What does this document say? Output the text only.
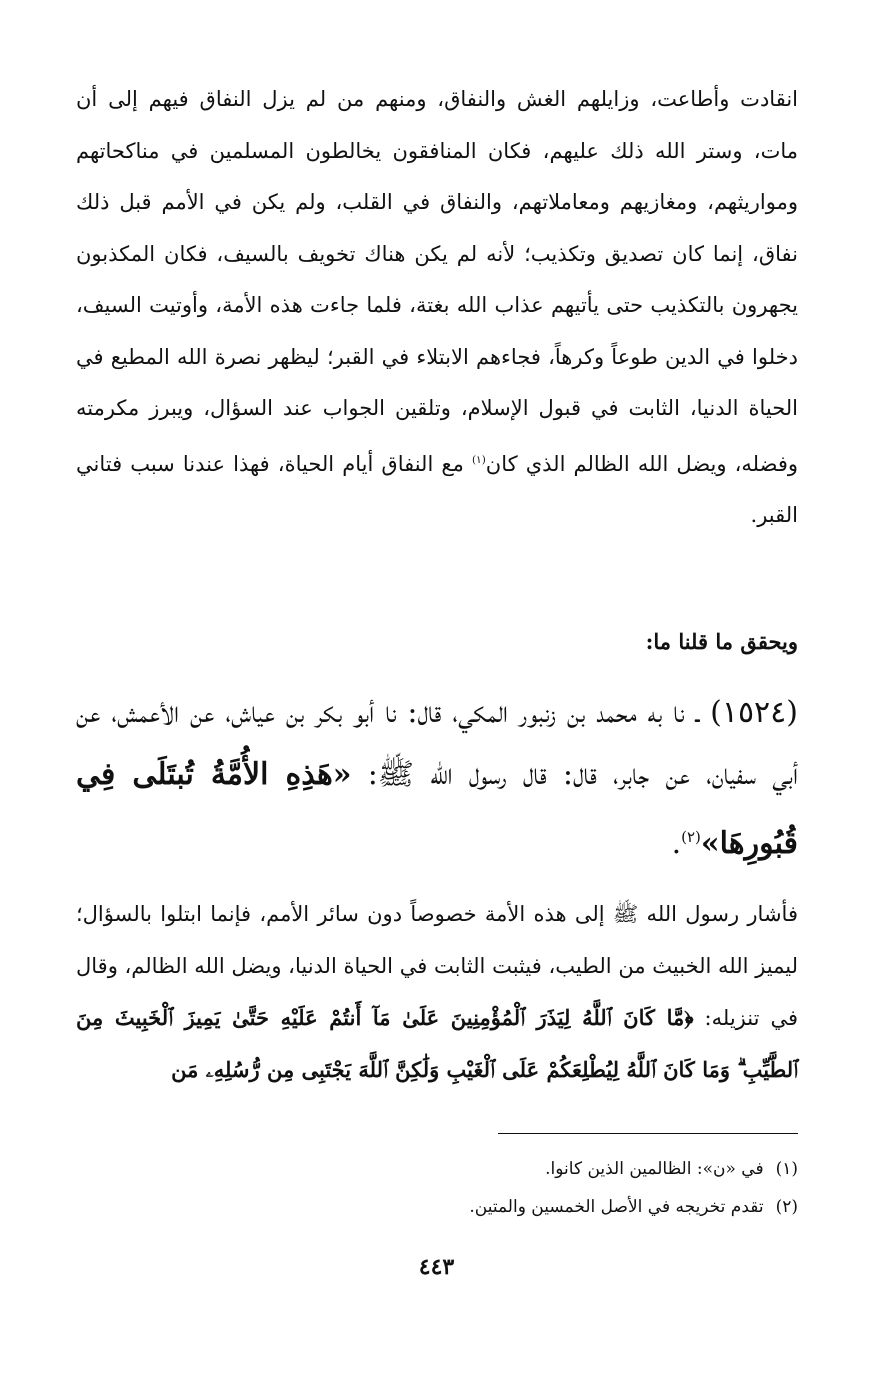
انقادت وأطاعت، وزايلهم الغش والنفاق، ومنهم من لم يزل النفاق فيهم إلى أن مات، وستر الله ذلك عليهم، فكان المنافقون يخالطون المسلمين في مناكحاتهم ومواريثهم، ومغازيهم ومعاملاتهم، والنفاق في القلب، ولم يكن في الأمم قبل ذلك نفاق، إنما كان تصديق وتكذيب؛ لأنه لم يكن هناك تخويف بالسيف، فكان المكذبون يجهرون بالتكذيب حتى يأتيهم عذاب الله بغتة، فلما جاءت هذه الأمة، وأوتيت السيف، دخلوا في الدين طوعاً وكرهاً، فجاءهم الابتلاء في القبر؛ ليظهر نصرة الله المطيع في الحياة الدنيا، الثابت في قبول الإسلام، وتلقين الجواب عند السؤال، ويبرز مكرمته وفضله، ويضل الله الظالم الذي كان$^{(١)}$ مع النفاق أيام الحياة، فهذا عندنا سبب فتاني القبر.

ويحقق ما قلنا ما:

(١٥٢٤) ـ نا به محمد بن زنبور المكي، قال: نا أبو بكر بن عياش، عن الأعمش، عن أبي سفيان، عن جابر، قال: قال رسول الله ﷺ: «هَذِهِ الأُمَّةُ تُبتَلَى فِي قُبُورِهَا»$^{(٢)}$.

فأشار رسول الله ﷺ إلى هذه الأمة خصوصاً دون سائر الأمم، فإنما ابتلوا بالسؤال؛ ليميز الله الخبيث من الطيب، فيثبت الثابت في الحياة الدنيا، ويضل الله الظالم، وقال في تنزيله: ﴿مَّا كَانَ ٱللَّهُ لِيَذَرَ ٱلْمُؤْمِنِينَ عَلَىٰ مَآ أَنتُمْ عَلَيْهِ حَتَّىٰ يَمِيزَ ٱلْخَبِيثَ مِنَ ٱلطَّيِّبِ ۗ وَمَا كَانَ ٱللَّهُ لِيُطْلِعَكُمْ عَلَى ٱلْغَيْبِ وَلَٰكِنَّ ٱللَّهَ يَجْتَبِى مِن رُّسُلِهِۦ مَن

(١)في «ن»: الظالمين الذين كانوا.
(٢)تقدم تخريجه في الأصل الخمسين والمتين.
٤٤٣
